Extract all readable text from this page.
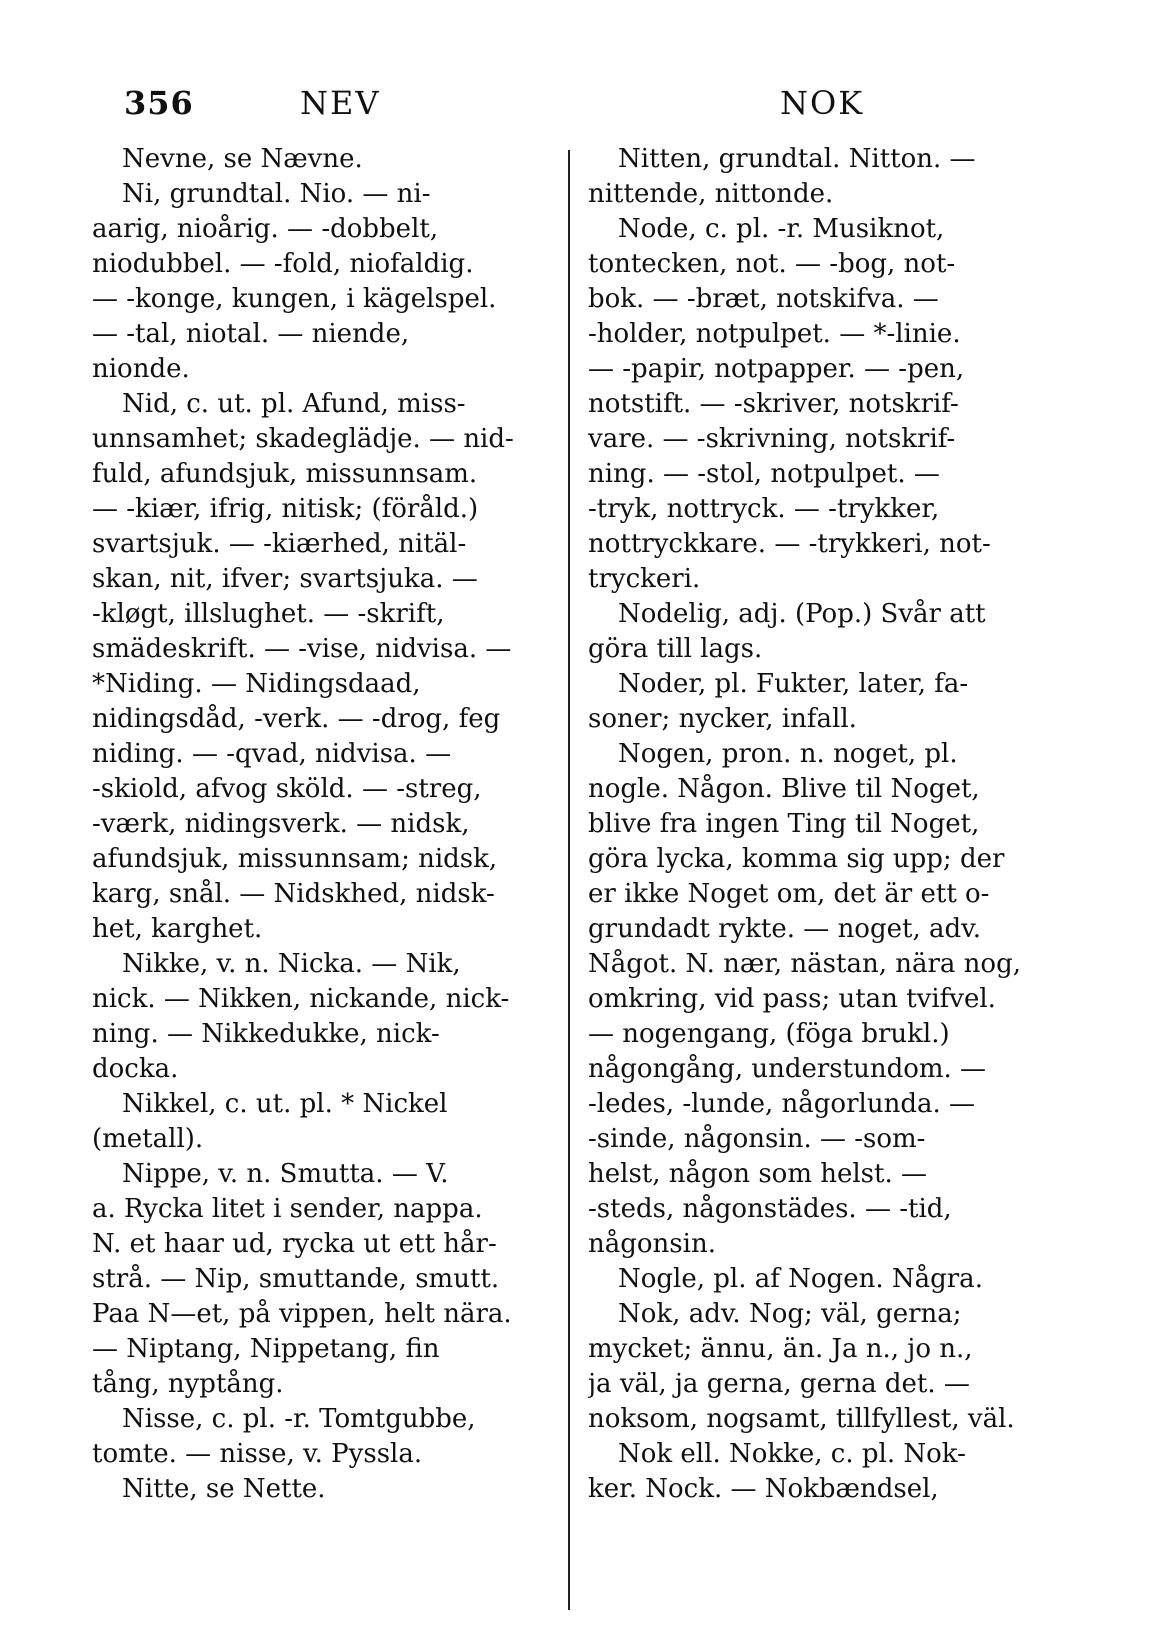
356	NEV	NOK
Nevne, se Nævne.
Ni, grundtal. Nio. — ni-
aarig, nioårig. — -dobbelt,
niodubbel. — -fold, niofaldig.
— -konge, kungen, i kägelspel.
— -tal, niotal. — niende,
nionde.
Nid, c. ut. pl. Afund, miss-
unnsamhet; skadeglädje. — nid-
fuld, afundsjuk, missunnsam.
— -kiær, ifrig, nitisk; (föråld.)
svartsjuk. — -kiærhed, nitäl-
skan, nit, ifver; svartsjuka. —
-kløgt, illslughet. — -skrift,
smädeskrift. — -vise, nidvisa. —
*Niding. — Nidingsdaad,
nidingsdåd, -verk. — -drog, feg
niding. — -qvad, nidvisa. —
-skiold, afvog sköld. — -streg,
-værk, nidingsverk. — nidsk,
afundsjuk, missunnsam; nidsk,
karg, snål. — Nidskhed, nidsk-
het, karghet.
Nikke, v. n. Nicka. — Nik,
nick. — Nikken, nickande, nick-
ning. — Nikkedukke, nick-
docka.
Nikkel, c. ut. pl. * Nickel
(metall).
Nippe, v. n. Smutta. — V.
a. Rycka litet i sender, nappa.
N. et haar ud, rycka ut ett hår-
strå. — Nip, smuttande, smutt.
Paa N—et, på vippen, helt nära.
— Niptang, Nippetang, fin
tång, nyptång.
Nisse, c. pl. -r. Tomtgubbe,
tomte. — nisse, v. Pyssla.
Nitte, se Nette.
Nitten, grundtal. Nitton. —
nittende, nittonde.
Node, c. pl. -r. Musiknot,
tontecken, not. — -bog, not-
bok. — -bræt, notskifva. —
-holder, notpulpet. — *-linie.
— -papir, notpapper. — -pen,
notstift. — -skriver, notskrif-
vare. — -skrivning, notskrif-
ning. — -stol, notpulpet. —
-tryk, nottryck. — -trykker,
nottryckkare. — -trykkeri, not-
tryckeri.
Nodelig, adj. (Pop.) Svår att
göra till lags.
Noder, pl. Fukter, later, fa-
soner; nycker, infall.
Nogen, pron. n. noget, pl.
nogle. Någon. Blive til Noget,
blive fra ingen Ting til Noget,
göra lycka, komma sig upp; der
er ikke Noget om, det är ett o-
grundadt rykte. — noget, adv.
Något. N. nær, nästan, nära nog,
omkring, vid pass; utan tvifvel.
— nogengang, (föga brukl.)
någongång, understundom. —
-ledes, -lunde, någorlunda. —
-sinde, någonsin. — -som-
helst, någon som helst. —
-steds, någonstädes. — -tid,
någonsin.
Nogle, pl. af Nogen. Några.
Nok, adv. Nog; väl, gerna;
mycket; ännu, än. Ja n., jo n.,
ja väl, ja gerna, gerna det. —
noksom, nogsamt, tillfyllest, väl.
Nok ell. Nokke, c. pl. Nok-
ker. Nock. — Nokbændsel,
